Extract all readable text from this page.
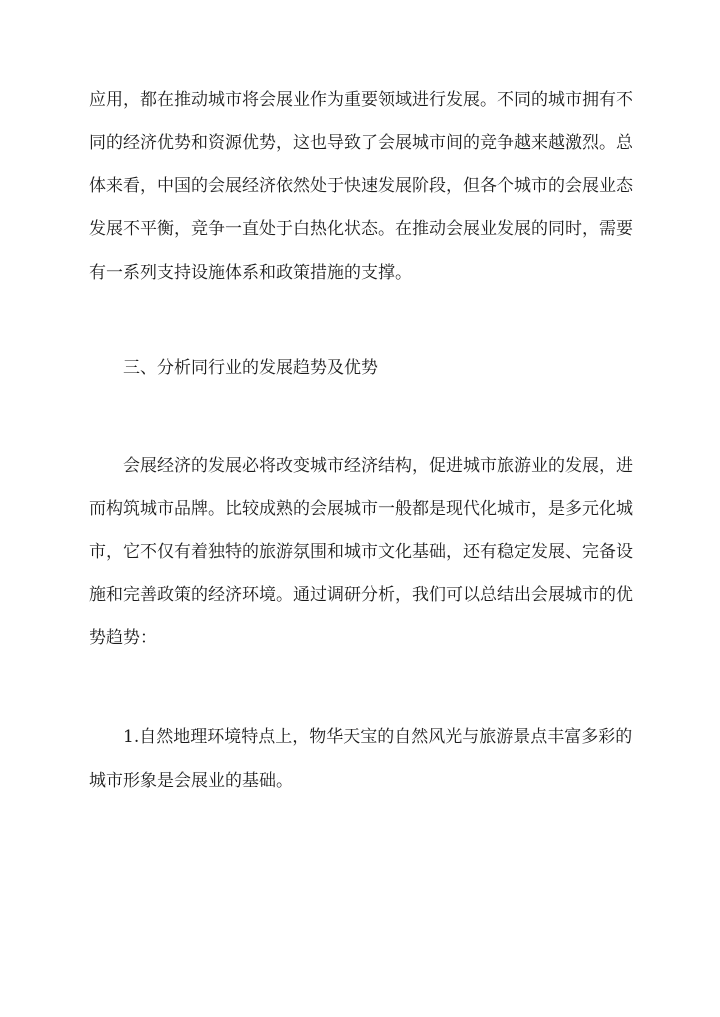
应用，都在推动城市将会展业作为重要领域进行发展。不同的城市拥有不
同的经济优势和资源优势，这也导致了会展城市间的竞争越来越激烈。总
体来看，中国的会展经济依然处于快速发展阶段，但各个城市的会展业态
发展不平衡，竞争一直处于白热化状态。在推动会展业发展的同时，需要
有一系列支持设施体系和政策措施的支撑。
三、分析同行业的发展趋势及优势
会展经济的发展必将改变城市经济结构，促进城市旅游业的发展，进
而构筑城市品牌。比较成熟的会展城市一般都是现代化城市，是多元化城
市，它不仅有着独特的旅游氛围和城市文化基础，还有稳定发展、完备设
施和完善政策的经济环境。通过调研分析，我们可以总结出会展城市的优
势趋势：
1.自然地理环境特点上，物华天宝的自然风光与旅游景点丰富多彩的
城市形象是会展业的基础。
